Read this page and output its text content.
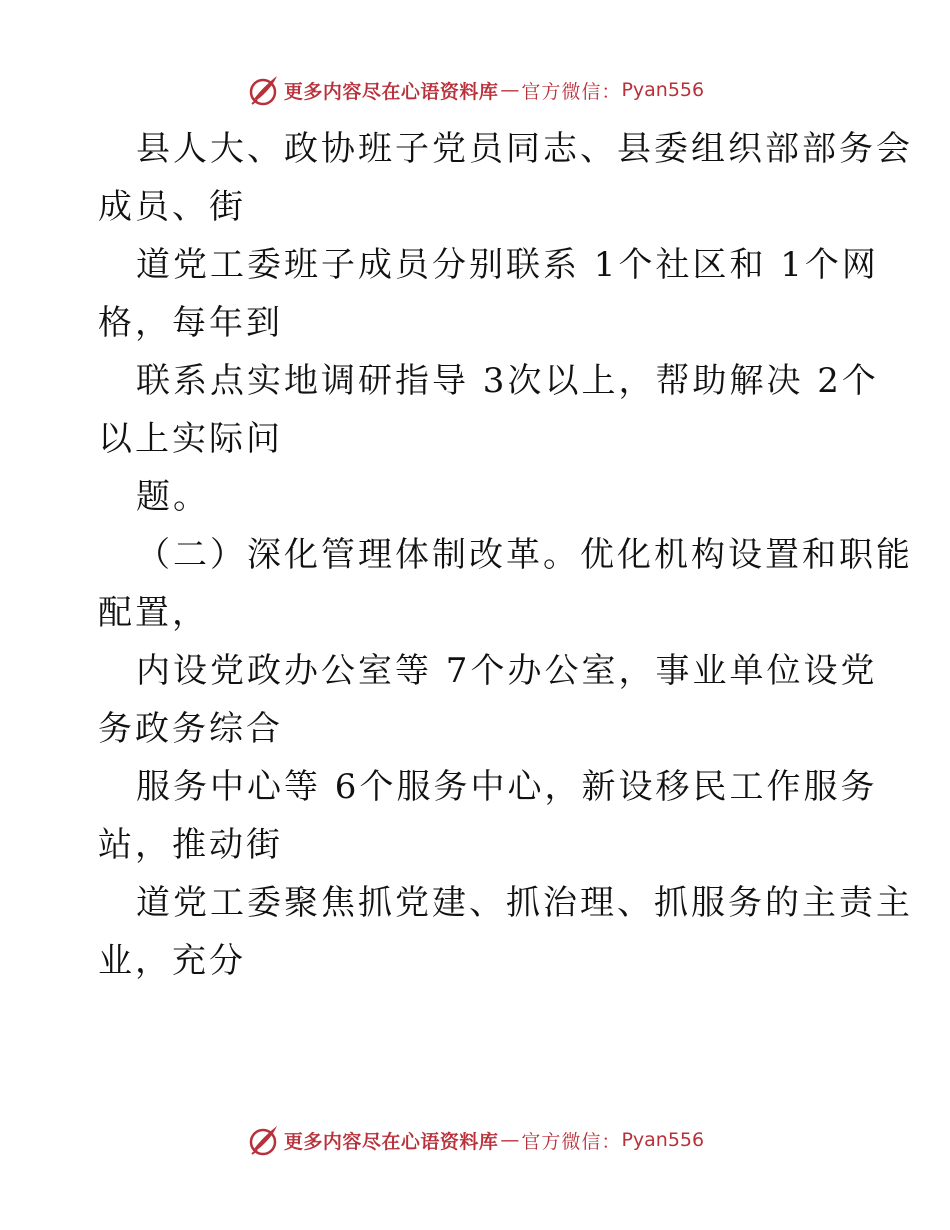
更多内容尽在心语资料库 — 官方微信： Pyan556
县人大、政协班子党员同志、县委组织部部务会
成员、街
道党工委班子成员分别联系 1个社区和 1个网
格，每年到
联系点实地调研指导 3次以上，帮助解决 2个
以上实际问
题。
（二）深化管理体制改革。优化机构设置和职能
配置，
内设党政办公室等 7个办公室，事业单位设党
务政务综合
服务中心等 6个服务中心，新设移民工作服务
站，推动街
道党工委聚焦抓党建、抓治理、抓服务的主责主
业，充分
更多内容尽在心语资料库 — 官方微信： Pyan556
